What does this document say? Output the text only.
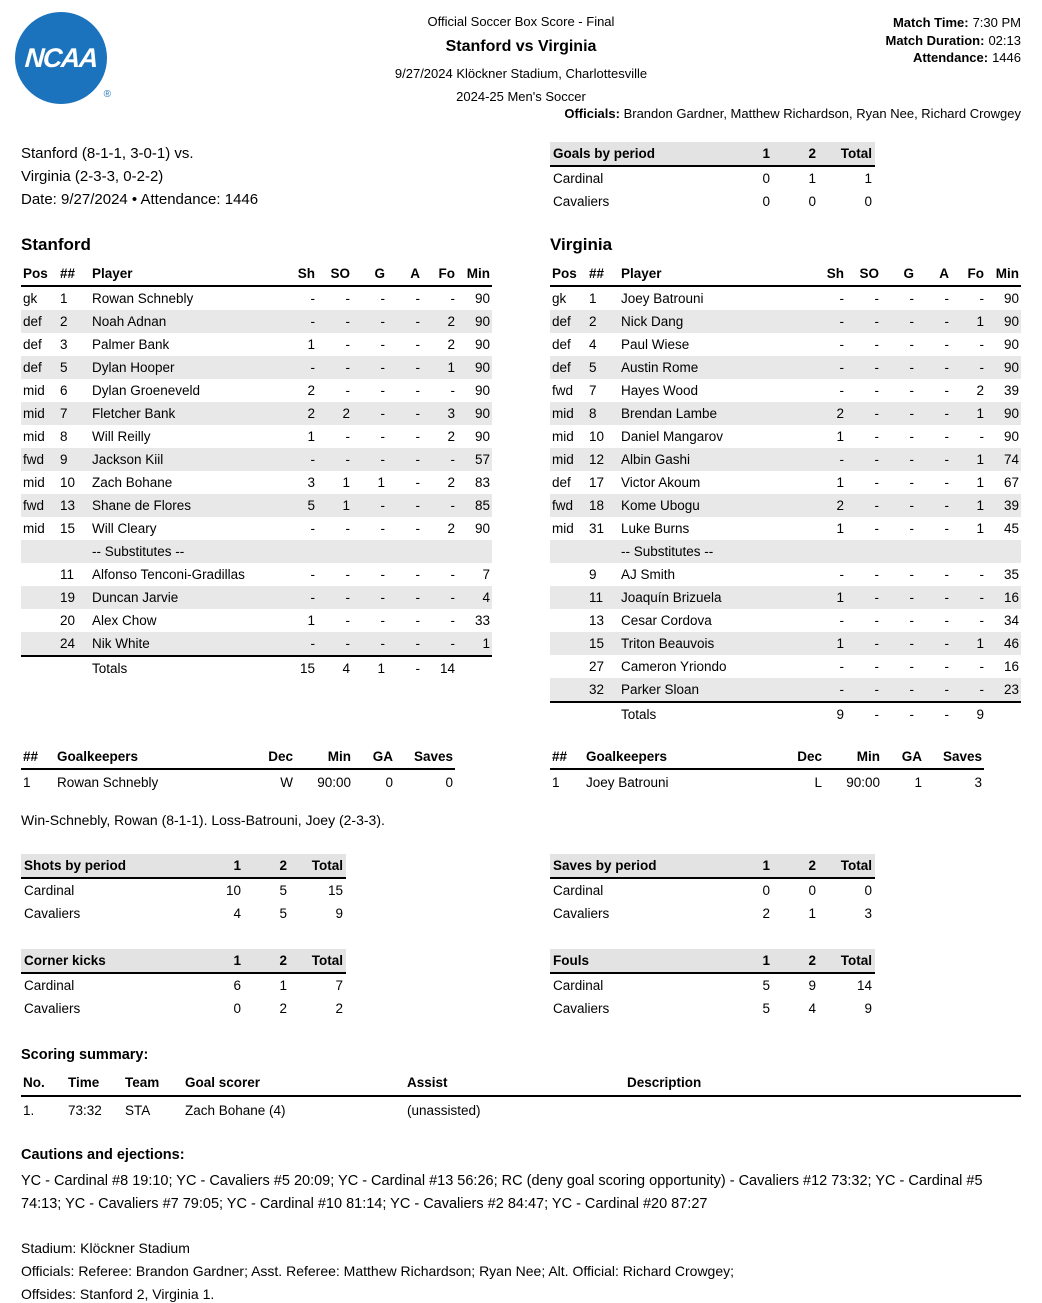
NCAA
®
Official Soccer Box Score - Final
Stanford vs Virginia
9/27/2024 Klöckner Stadium, Charlottesville
2024-25 Men's Soccer
Match Time: 7:30 PM
Match Duration: 02:13
Attendance: 1446
Officials: Brandon Gardner, Matthew Richardson, Ryan Nee, Richard Crowgey
Stanford (8-1-1, 3-0-1) vs.
Virginia (2-3-3, 0-2-2)
Date: 9/27/2024 • Attendance: 1446
Goals by period	1	2	Total
Cardinal	0	1	1
Cavaliers	0	0	0
Stanford
Pos	##	Player	Sh	SO	G	A	Fo	Min
gk	1	Rowan Schnebly	-	-	-	-	-	90
def	2	Noah Adnan	-	-	-	-	2	90
def	3	Palmer Bank	1	-	-	-	2	90
def	5	Dylan Hooper	-	-	-	-	1	90
mid	6	Dylan Groeneveld	2	-	-	-	-	90
mid	7	Fletcher Bank	2	2	-	-	3	90
mid	8	Will Reilly	1	-	-	-	2	90
fwd	9	Jackson Kiil	-	-	-	-	-	57
mid	10	Zach Bohane	3	1	1	-	2	83
fwd	13	Shane de Flores	5	1	-	-	-	85
mid	15	Will Cleary	-	-	-	-	2	90
		-- Substitutes --						
	11	Alfonso Tenconi-Gradillas	-	-	-	-	-	7
	19	Duncan Jarvie	-	-	-	-	-	4
	20	Alex Chow	1	-	-	-	-	33
	24	Nik White	-	-	-	-	-	1
		Totals	15	4	1	-	14	
Virginia
Pos	##	Player	Sh	SO	G	A	Fo	Min
gk	1	Joey Batrouni	-	-	-	-	-	90
def	2	Nick Dang	-	-	-	-	1	90
def	4	Paul Wiese	-	-	-	-	-	90
def	5	Austin Rome	-	-	-	-	-	90
fwd	7	Hayes Wood	-	-	-	-	2	39
mid	8	Brendan Lambe	2	-	-	-	1	90
mid	10	Daniel Mangarov	1	-	-	-	-	90
mid	12	Albin Gashi	-	-	-	-	1	74
def	17	Victor Akoum	1	-	-	-	1	67
fwd	18	Kome Ubogu	2	-	-	-	1	39
mid	31	Luke Burns	1	-	-	-	1	45
		-- Substitutes --						
	9	AJ Smith	-	-	-	-	-	35
	11	Joaquín Brizuela	1	-	-	-	-	16
	13	Cesar Cordova	-	-	-	-	-	34
	15	Triton Beauvois	1	-	-	-	1	46
	27	Cameron Yriondo	-	-	-	-	-	16
	32	Parker Sloan	-	-	-	-	-	23
		Totals	9	-	-	-	9	
##	Goalkeepers	Dec	Min	GA	Saves
1	Rowan Schnebly	W	90:00	0	0
##	Goalkeepers	Dec	Min	GA	Saves
1	Joey Batrouni	L	90:00	1	3
Win-Schnebly, Rowan (8-1-1). Loss-Batrouni, Joey (2-3-3).
Shots by period	1	2	Total
Cardinal	10	5	15
Cavaliers	4	5	9
Saves by period	1	2	Total
Cardinal	0	0	0
Cavaliers	2	1	3
Corner kicks	1	2	Total
Cardinal	6	1	7
Cavaliers	0	2	2
Fouls	1	2	Total
Cardinal	5	9	14
Cavaliers	5	4	9
Scoring summary:
No.	Time	Team	Goal scorer	Assist	Description
1.	73:32	STA	Zach Bohane (4)	(unassisted)	
Cautions and ejections:
YC - Cardinal #8 19:10; YC - Cavaliers #5 20:09; YC - Cardinal #13 56:26; RC (deny goal scoring opportunity) - Cavaliers #12 73:32; YC - Cardinal #5 74:13; YC - Cavaliers #7 79:05; YC - Cardinal #10 81:14; YC - Cavaliers #2 84:47; YC - Cardinal #20 87:27
Stadium: Klöckner Stadium
Officials: Referee: Brandon Gardner; Asst. Referee: Matthew Richardson; Ryan Nee; Alt. Official: Richard Crowgey;
Offsides: Stanford 2, Virginia 1.
